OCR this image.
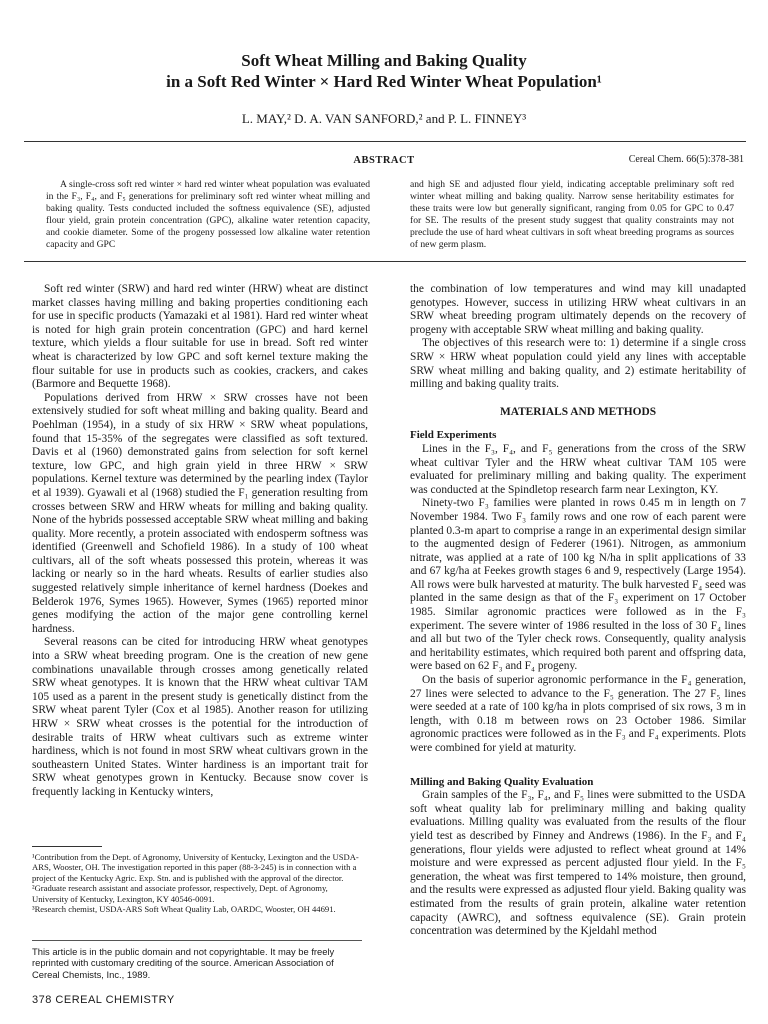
Soft Wheat Milling and Baking Quality
in a Soft Red Winter × Hard Red Winter Wheat Population¹
L. MAY,² D. A. VAN SANFORD,² and P. L. FINNEY³
ABSTRACT	Cereal Chem. 66(5):378-381

A single-cross soft red winter × hard red winter wheat population was evaluated in the F₃, F₄, and F₅ generations for preliminary soft red winter wheat milling and baking quality. Tests conducted included the softness equivalence (SE), adjusted flour yield, grain protein concentration (GPC), alkaline water retention capacity, and cookie diameter. Some of the progeny possessed low alkaline water retention capacity and GPC

and high SE and adjusted flour yield, indicating acceptable preliminary soft red winter wheat milling and baking quality. Narrow sense heritability estimates for these traits were low but generally significant, ranging from 0.05 for GPC to 0.47 for SE. The results of the present study suggest that quality constraints may not preclude the use of hard wheat cultivars in soft wheat breeding programs as sources of new germ plasm.

Soft red winter (SRW) and hard red winter (HRW) wheat are distinct market classes having milling and baking properties conditioning each for use in specific products (Yamazaki et al 1981). Hard red winter wheat is noted for high grain protein concentration (GPC) and hard kernel texture, which yields a flour suitable for use in bread. Soft red winter wheat is characterized by low GPC and soft kernel texture making the flour suitable for use in products such as cookies, crackers, and cakes (Barmore and Bequette 1968).

Populations derived from HRW × SRW crosses have not been extensively studied for soft wheat milling and baking quality. Beard and Poehlman (1954), in a study of six HRW × SRW wheat populations, found that 15-35% of the segregates were classified as soft textured. Davis et al (1960) demonstrated gains from selection for soft kernel texture, low GPC, and high grain yield in three HRW × SRW populations. Kernel texture was determined by the pearling index (Taylor et al 1939). Gyawali et al (1968) studied the F₁ generation resulting from crosses between SRW and HRW wheats for milling and baking quality. None of the hybrids possessed acceptable SRW wheat milling and baking quality. More recently, a protein associated with endosperm softness was identified (Greenwell and Schofield 1986). In a study of 100 wheat cultivars, all of the soft wheats possessed this protein, whereas it was lacking or nearly so in the hard wheats. Results of earlier studies also suggested relatively simple inheritance of kernel hardness (Doekes and Belderok 1976, Symes 1965). However, Symes (1965) reported minor genes modifying the action of the major gene controlling kernel hardness.

Several reasons can be cited for introducing HRW wheat genotypes into a SRW wheat breeding program. One is the creation of new gene combinations unavailable through crosses among genetically related SRW wheat genotypes. It is known that the HRW wheat cultivar TAM 105 used as a parent in the present study is genetically distinct from the SRW wheat parent Tyler (Cox et al 1985). Another reason for utilizing HRW × SRW wheat crosses is the potential for the introduction of desirable traits of HRW wheat cultivars such as extreme winter hardiness, which is not found in most SRW wheat cultivars grown in the southeastern United States. Winter hardiness is an important trait for SRW wheat genotypes grown in Kentucky. Because snow cover is frequently lacking in Kentucky winters,

the combination of low temperatures and wind may kill unadapted genotypes. However, success in utilizing HRW wheat cultivars in an SRW wheat breeding program ultimately depends on the recovery of progeny with acceptable SRW wheat milling and baking quality.

The objectives of this research were to: 1) determine if a single cross SRW × HRW wheat population could yield any lines with acceptable SRW wheat milling and baking quality, and 2) estimate heritability of milling and baking quality traits.

MATERIALS AND METHODS
Field Experiments

Lines in the F₃, F₄, and F₅ generations from the cross of the SRW wheat cultivar Tyler and the HRW wheat cultivar TAM 105 were evaluated for preliminary milling and baking quality. The experiment was conducted at the Spindletop research farm near Lexington, KY.

Ninety-two F₃ families were planted in rows 0.45 m in length on 7 November 1984. Two F₃ family rows and one row of each parent were planted 0.3-m apart to comprise a range in an experimental design similar to the augmented design of Federer (1961). Nitrogen, as ammonium nitrate, was applied at a rate of 100 kg N/ha in split applications of 33 and 67 kg/ha at Feekes growth stages 6 and 9, respectively (Large 1954). All rows were bulk harvested at maturity. The bulk harvested F₄ seed was planted in the same design as that of the F₃ experiment on 17 October 1985. Similar agronomic practices were followed as in the F₃ experiment. The severe winter of 1986 resulted in the loss of 30 F₄ lines and all but two of the Tyler check rows. Consequently, quality analysis and heritability estimates, which required both parent and offspring data, were based on 62 F₃ and F₄ progeny.

On the basis of superior agronomic performance in the F₄ generation, 27 lines were selected to advance to the F₅ generation. The 27 F₅ lines were seeded at a rate of 100 kg/ha in plots comprised of six rows, 3 m in length, with 0.18 m between rows on 23 October 1986. Similar agronomic practices were followed as in the F₃ and F₄ experiments. Plots were combined for yield at maturity.

Milling and Baking Quality Evaluation

Grain samples of the F₃, F₄, and F₅ lines were submitted to the USDA soft wheat quality lab for preliminary milling and baking quality evaluations. Milling quality was evaluated from the results of the flour yield test as described by Finney and Andrews (1986). In the F₃ and F₄ generations, flour yields were adjusted to reflect wheat ground at 14% moisture and were expressed as percent adjusted flour yield. In the F₅ generation, the wheat was first tempered to 14% moisture, then ground, and the results were expressed as adjusted flour yield. Baking quality was estimated from the results of grain protein, alkaline water retention capacity (AWRC), and softness equivalence (SE). Grain protein concentration was determined by the Kjeldahl method

¹Contribution from the Dept. of Agronomy, University of Kentucky, Lexington and the USDA-ARS, Wooster, OH. The investigation reported in this paper (88-3-245) is in connection with a project of the Kentucky Agric. Exp. Stn. and is published with the approval of the director.

²Graduate research assistant and associate professor, respectively, Dept. of Agronomy, University of Kentucky, Lexington, KY 40546-0091.

³Research chemist, USDA-ARS Soft Wheat Quality Lab, OARDC, Wooster, OH 44691.

This article is in the public domain and not copyrightable. It may be freely reprinted with customary crediting of the source. American Association of Cereal Chemists, Inc., 1989.
378 CEREAL CHEMISTRY
